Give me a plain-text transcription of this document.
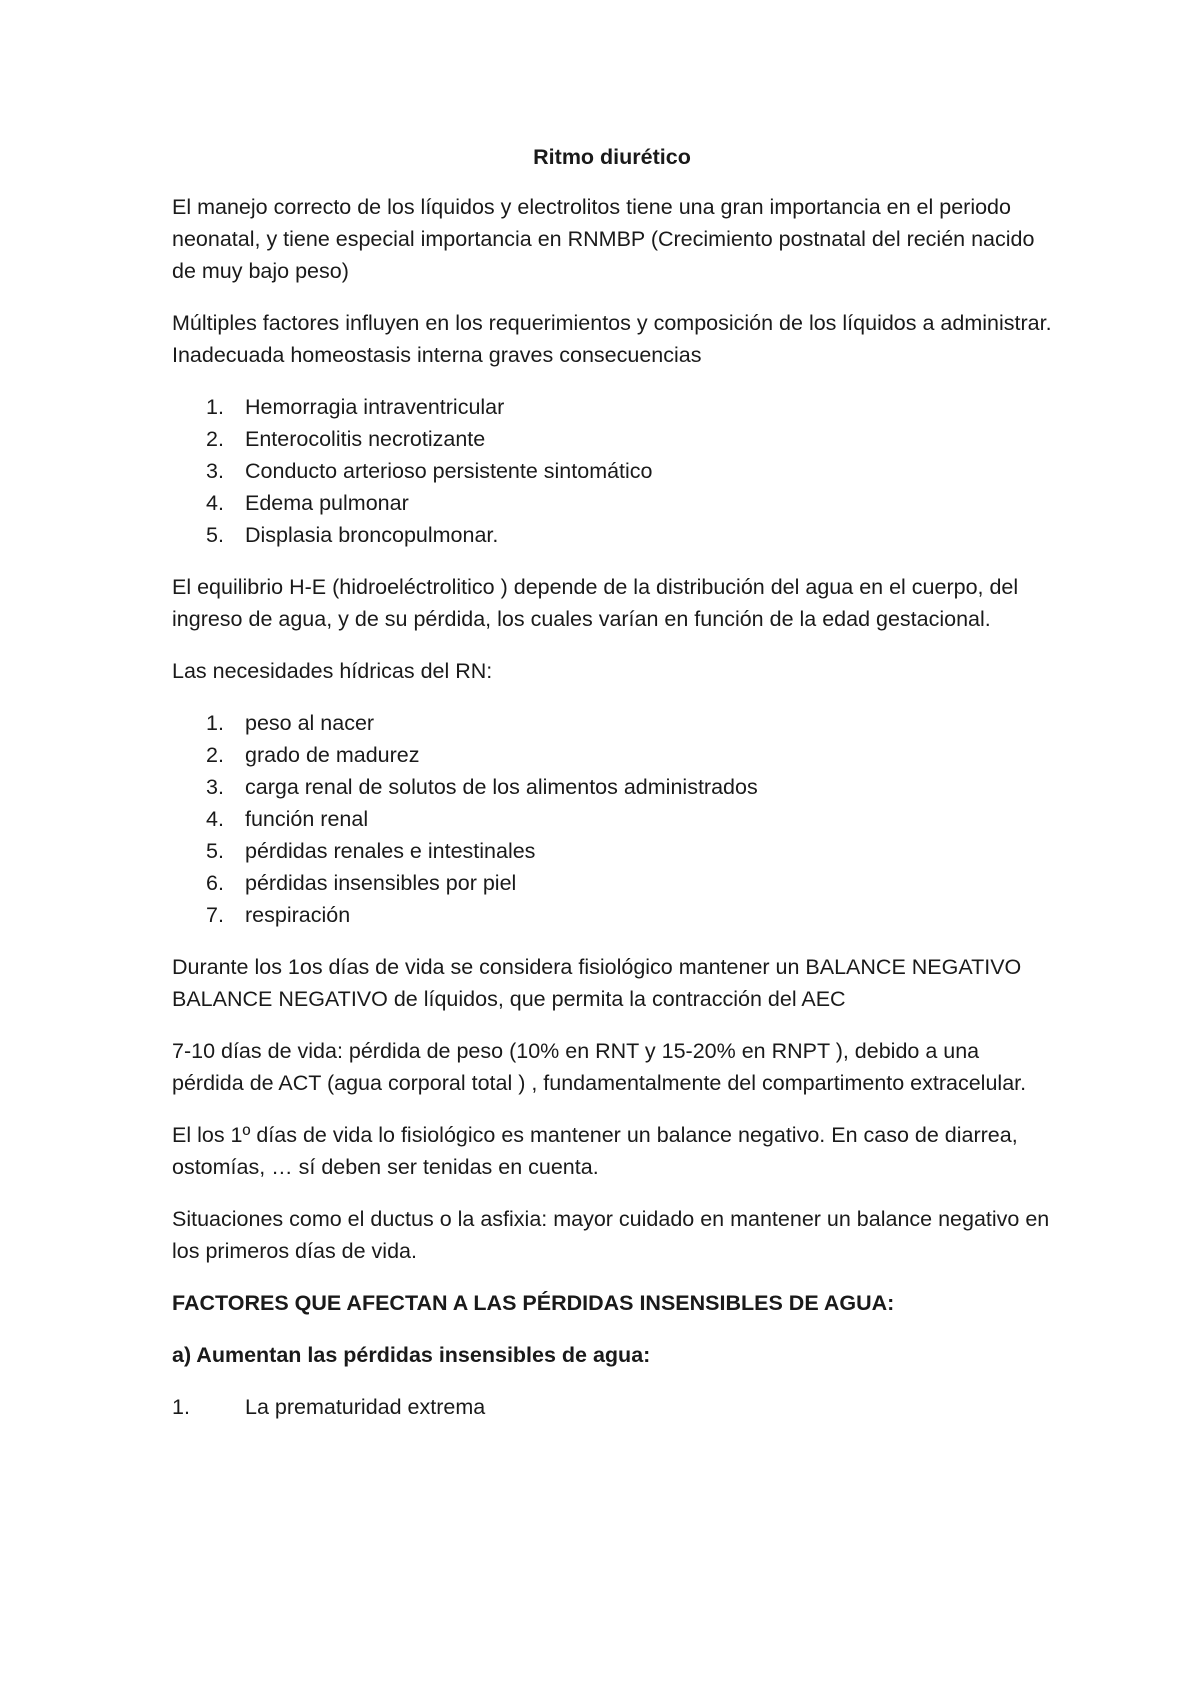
Ritmo diurético

El manejo correcto de los líquidos y electrolitos tiene una gran importancia en el periodo neonatal, y tiene especial importancia en RNMBP (Crecimiento postnatal del recién nacido de muy bajo peso)

Múltiples factores influyen en los requerimientos y composición de los líquidos a administrar. Inadecuada homeostasis interna graves consecuencias

1. Hemorragia intraventricular
2. Enterocolitis necrotizante
3. Conducto arterioso persistente sintomático
4. Edema pulmonar
5. Displasia broncopulmonar.

El equilibrio H-E (hidroeléctrolitico ) depende de la distribución del agua en el cuerpo, del ingreso de agua, y de su pérdida, los cuales varían en función de la edad gestacional.

Las necesidades hídricas del RN:

1. peso al nacer
2. grado de madurez
3. carga renal de solutos de los alimentos administrados
4. función renal
5. pérdidas renales e intestinales
6. pérdidas insensibles por piel
7. respiración

Durante los 1os días de vida se considera fisiológico mantener un BALANCE NEGATIVO BALANCE NEGATIVO de líquidos, que permita la contracción del AEC

7-10 días de vida: pérdida de peso (10% en RNT y 15-20% en RNPT ), debido a una pérdida de ACT (agua corporal total ) , fundamentalmente del compartimento extracelular.

El los 1º días de vida lo fisiológico es mantener un balance negativo. En caso de diarrea, ostomías, … sí deben ser tenidas en cuenta.

Situaciones como el ductus o la asfixia: mayor cuidado en mantener un balance negativo en los primeros días de vida.

FACTORES QUE AFECTAN A LAS PÉRDIDAS INSENSIBLES DE AGUA:
a) Aumentan las pérdidas insensibles de agua:
1.	La prematuridad extrema
